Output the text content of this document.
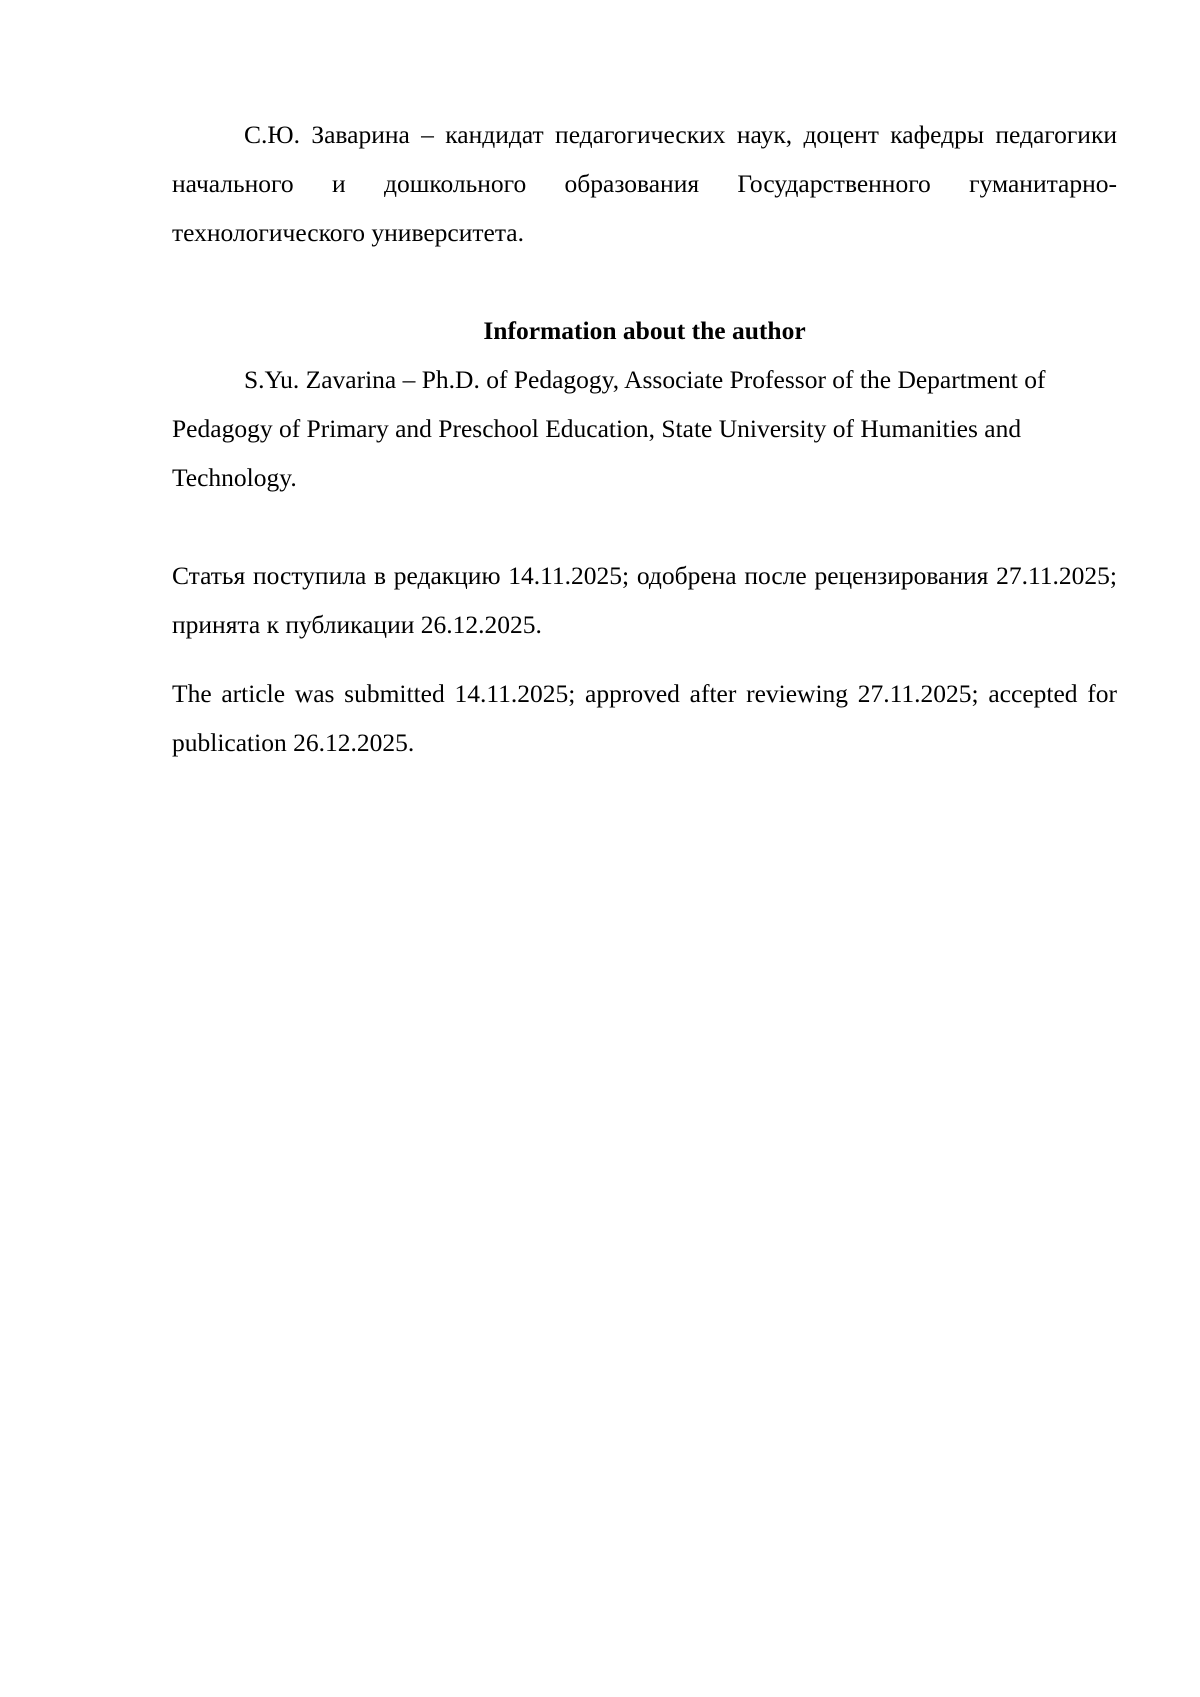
С.Ю. Заварина – кандидат педагогических наук, доцент кафедры педагогики начального и дошкольного образования Государственного гуманитарно-технологического университета.

Information about the author

S.Yu. Zavarina – Ph.D. of Pedagogy, Associate Professor of the Department of Pedagogy of Primary and Preschool Education, State University of Humanities and Technology.

Статья поступила в редакцию 14.11.2025; одобрена после рецензирования 27.11.2025; принята к публикации 26.12.2025.

The article was submitted 14.11.2025; approved after reviewing 27.11.2025; accepted for publication 26.12.2025.
